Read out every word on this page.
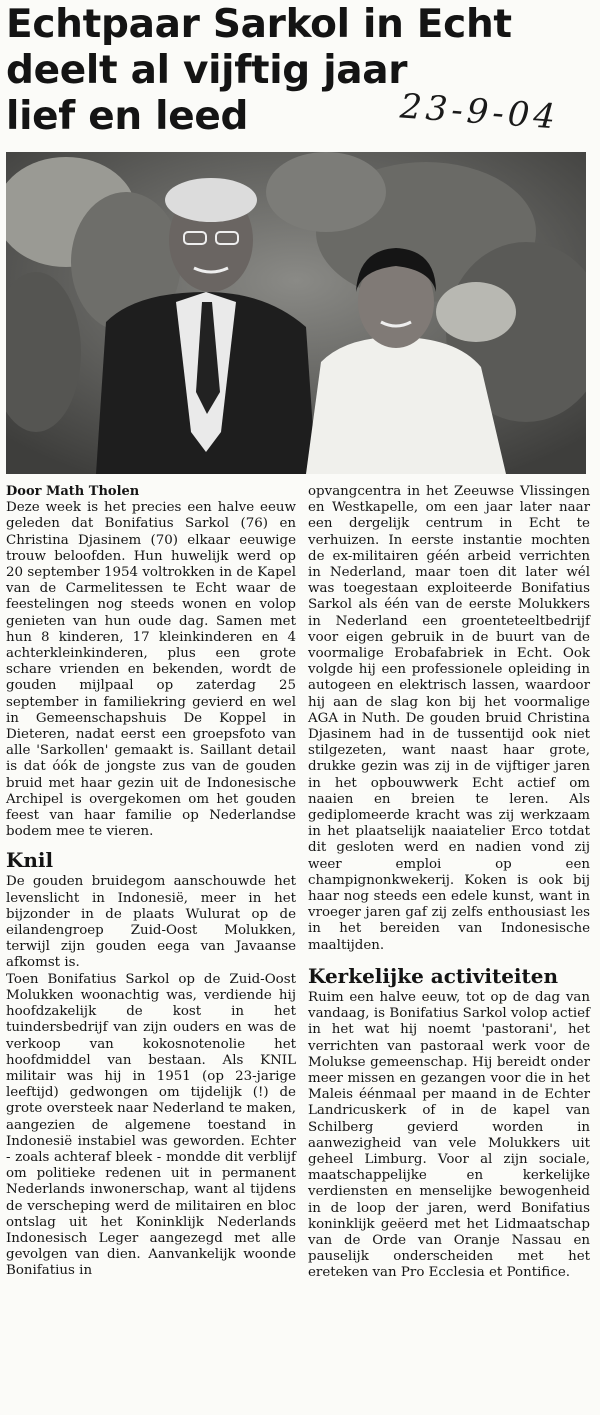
Echtpaar Sarkol in Echt
deelt al vijftig jaar
lief en leed	23-9-04

Door Math Tholen

Deze week is het precies een halve eeuw geleden dat Bonifatius Sarkol (76) en Christina Djasinem (70) elkaar eeuwige trouw beloofden. Hun huwelijk werd op 20 september 1954 voltrokken in de Kapel van de Carmelitessen te Echt waar de feestelingen nog steeds wonen en volop genieten van hun oude dag. Samen met hun 8 kinderen, 17 kleinkinderen en 4 achterkleinkinderen, plus een grote schare vrienden en bekenden, wordt de gouden mijlpaal op zaterdag 25 september in familiekring gevierd en wel in Gemeenschapshuis De Koppel in Dieteren, nadat eerst een groepsfoto van alle 'Sarkollen' gemaakt is. Saillant detail is dat óók de jongste zus van de gouden bruid met haar gezin uit de Indonesische Archipel is overgekomen om het gouden feest van haar familie op Nederlandse bodem mee te vieren.

Knil

De gouden bruidegom aanschouwde het levenslicht in Indonesië, meer in het bijzonder in de plaats Wulurat op de eilandengroep Zuid-Oost Molukken, terwijl zijn gouden eega van Javaanse afkomst is.

Toen Bonifatius Sarkol op de Zuid-Oost Molukken woonachtig was, verdiende hij hoofdzakelijk de kost in het tuindersbedrijf van zijn ouders en was de verkoop van kokosnotenolie het hoofdmiddel van bestaan. Als KNIL militair was hij in 1951 (op 23-jarige leeftijd) gedwongen om tijdelijk (!) de grote oversteek naar Nederland te maken, aangezien de algemene toestand in Indonesië instabiel was geworden. Echter - zoals achteraf bleek - mondde dit verblijf om politieke redenen uit in permanent Nederlands inwonerschap, want al tijdens de verscheping werd de militairen en bloc ontslag uit het Koninklijk Nederlands Indonesisch Leger aangezegd met alle gevolgen van dien. Aanvankelijk woonde Bonifatius in

opvangcentra in het Zeeuwse Vlissingen en Westkapelle, om een jaar later naar een dergelijk centrum in Echt te verhuizen. In eerste instantie mochten de ex-militairen géén arbeid verrichten in Nederland, maar toen dit later wél was toegestaan exploiteerde Bonifatius Sarkol als één van de eerste Molukkers in Nederland een groenteteeltbedrijf voor eigen gebruik in de buurt van de voormalige Erobafabriek in Echt. Ook volgde hij een professionele opleiding in autogeen en elektrisch lassen, waardoor hij aan de slag kon bij het voormalige AGA in Nuth. De gouden bruid Christina Djasinem had in de tussentijd ook niet stilgezeten, want naast haar grote, drukke gezin was zij in de vijftiger jaren in het opbouwwerk Echt actief om naaien en breien te leren. Als gediplomeerde kracht was zij werkzaam in het plaatselijk naaiatelier Erco totdat dit gesloten werd en nadien vond zij weer emploi op een champignonkwekerij. Koken is ook bij haar nog steeds een edele kunst, want in vroeger jaren gaf zij zelfs enthousiast les in het bereiden van Indonesische maaltijden.

Kerkelijke activiteiten

Ruim een halve eeuw, tot op de dag van vandaag, is Bonifatius Sarkol volop actief in het wat hij noemt 'pastorani', het verrichten van pastoraal werk voor de Molukse gemeenschap. Hij bereidt onder meer missen en gezangen voor die in het Maleis éénmaal per maand in de Echter Landricuskerk of in de kapel van Schilberg gevierd worden in aanwezigheid van vele Molukkers uit geheel Limburg. Voor al zijn sociale, maatschappelijke en kerkelijke verdiensten en menselijke bewogenheid in de loop der jaren, werd Bonifatius koninklijk geëerd met het Lidmaatschap van de Orde van Oranje Nassau en pauselijk onderscheiden met het ereteken van Pro Ecclesia et Pontifice.
